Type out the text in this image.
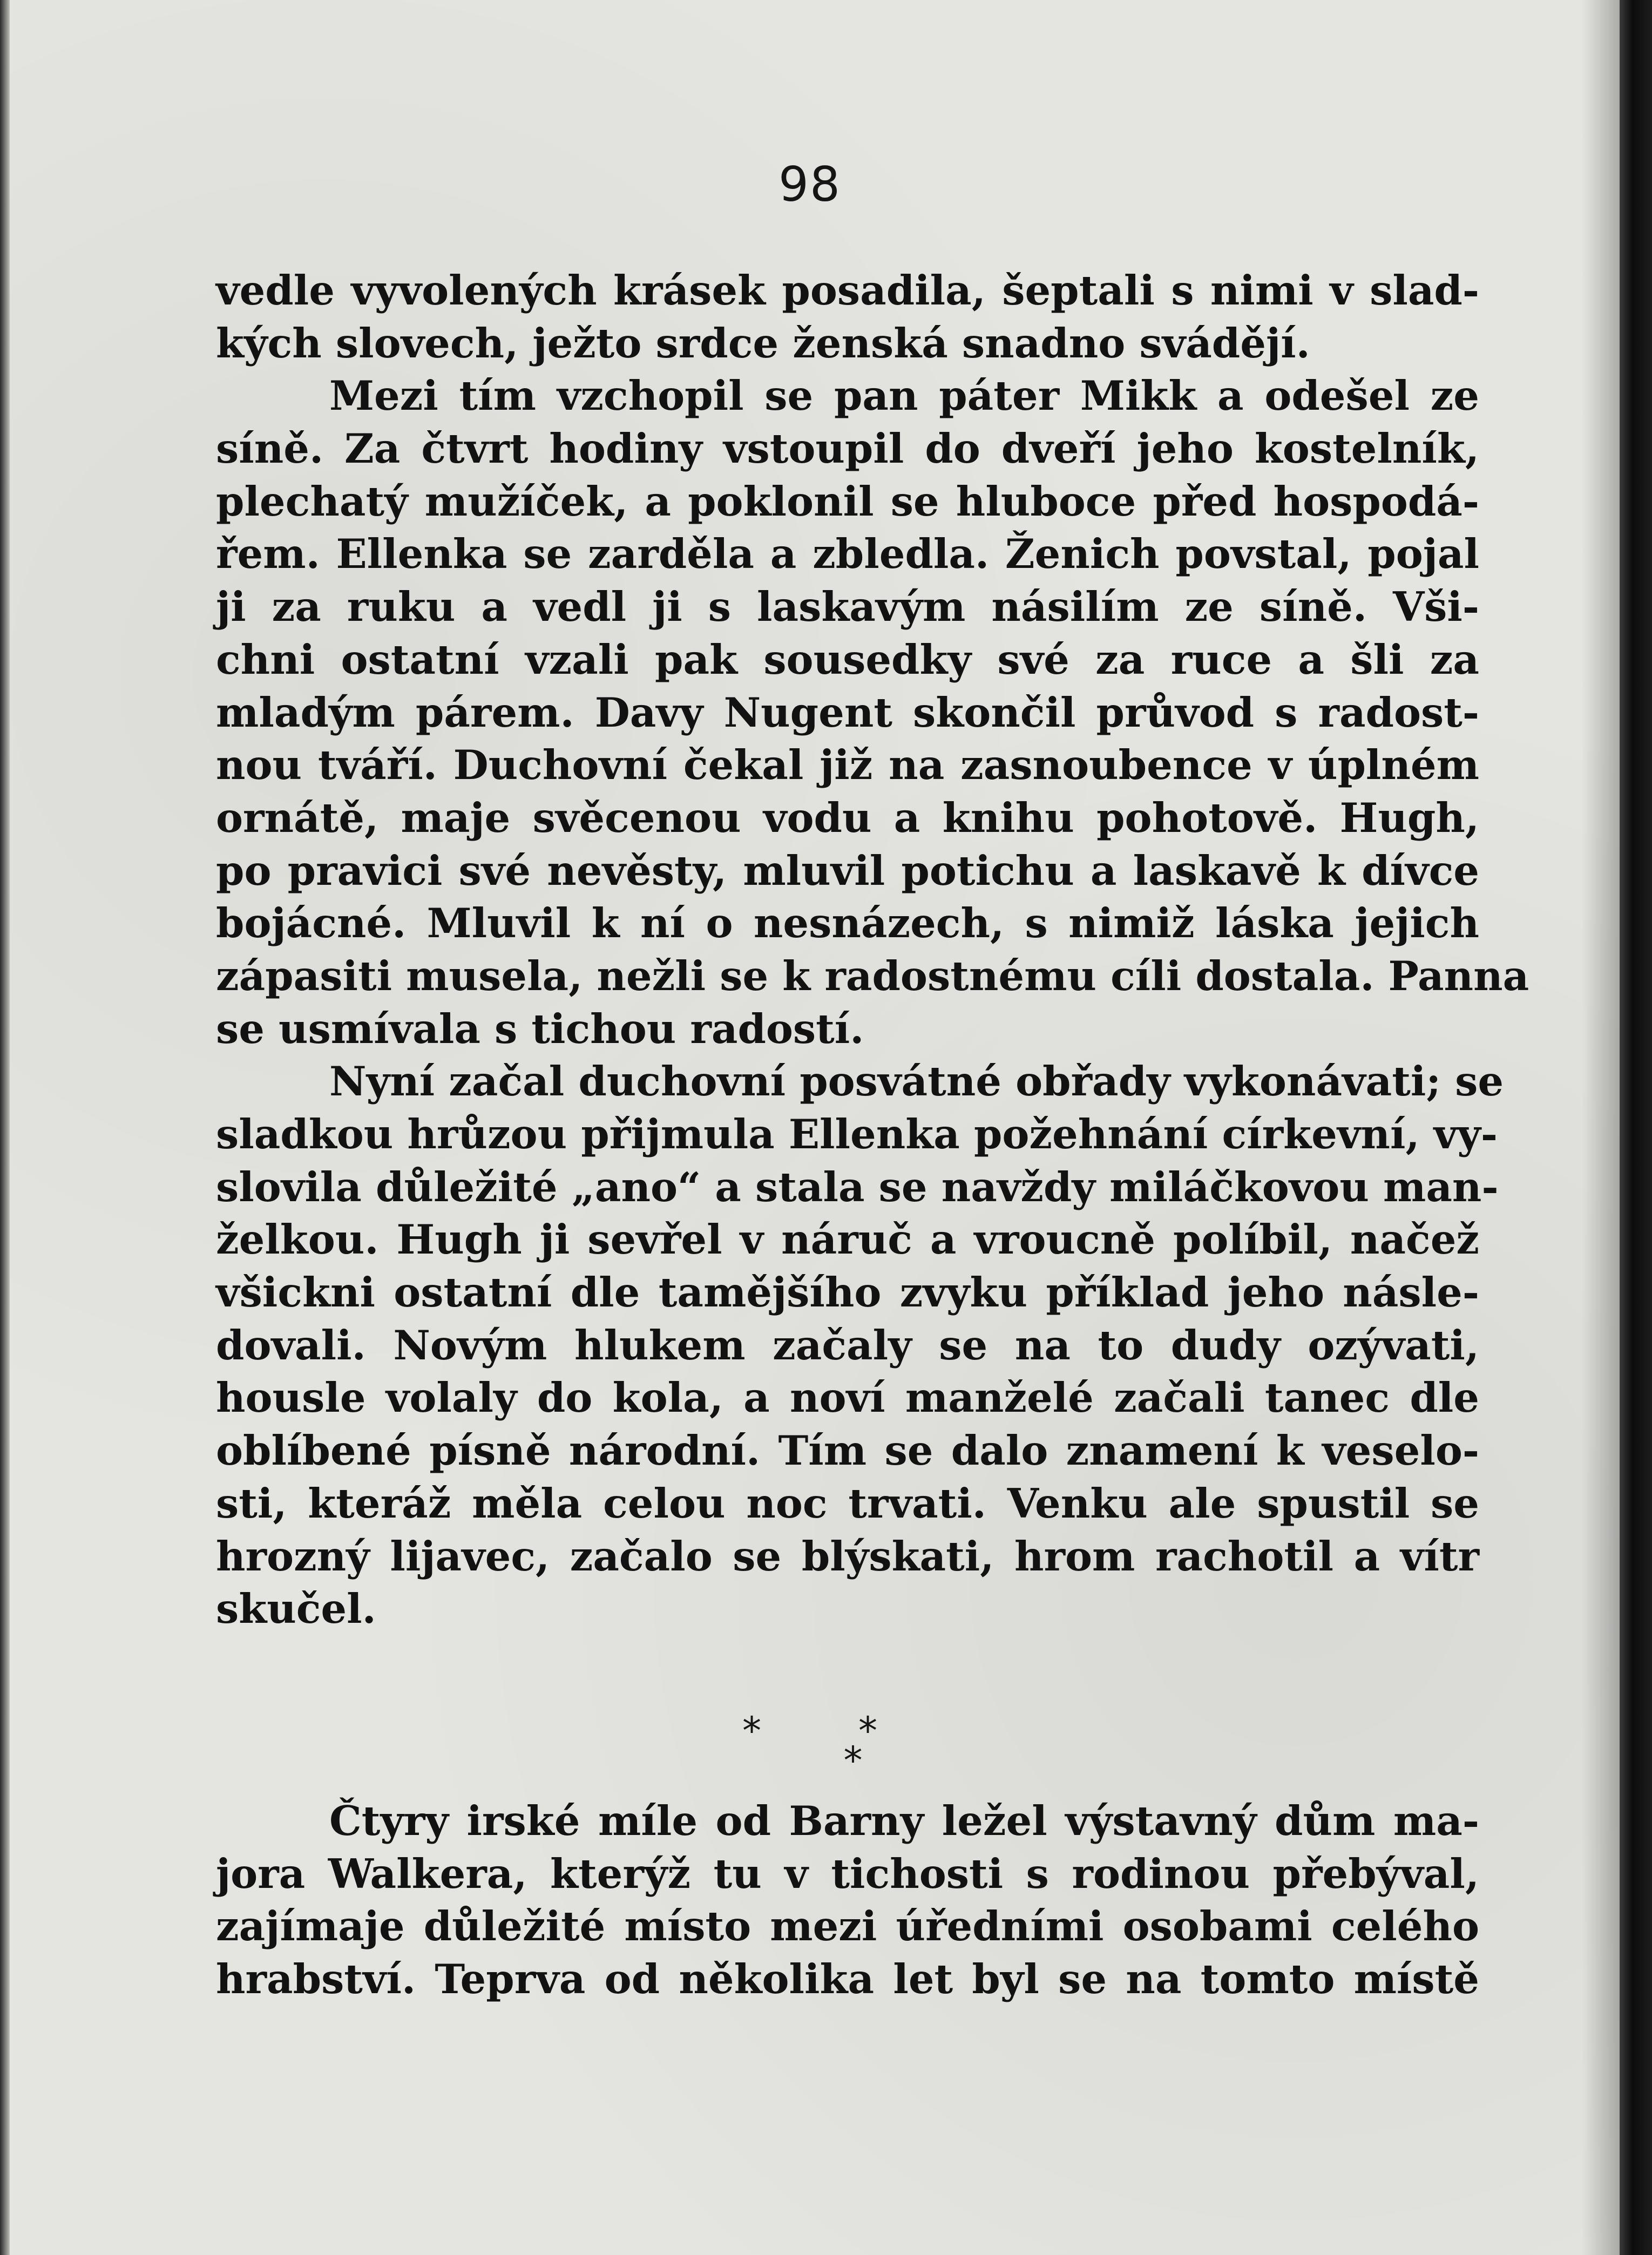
98
vedle vyvolených krásek posadila, šeptali s nimi v slad-
kých slovech, ježto srdce ženská snadno svádějí.
Mezi tím vzchopil se pan páter Mikk a odešel ze
síně. Za čtvrt hodiny vstoupil do dveří jeho kostelník,
plechatý mužíček, a poklonil se hluboce před hospodá-
řem. Ellenka se zarděla a zbledla. Ženich povstal, pojal
ji za ruku a vedl ji s laskavým násilím ze síně. Vši-
chni ostatní vzali pak sousedky své za ruce a šli za
mladým párem. Davy Nugent skončil průvod s radost-
nou tváří. Duchovní čekal již na zasnoubence v úplném
ornátě, maje svěcenou vodu a knihu pohotově. Hugh,
po pravici své nevěsty, mluvil potichu a laskavě k dívce
bojácné. Mluvil k ní o nesnázech, s nimiž láska jejich
zápasiti musela, nežli se k radostnému cíli dostala. Panna
se usmívala s tichou radostí.
Nyní začal duchovní posvátné obřady vykonávati; se
sladkou hrůzou přijmula Ellenka požehnání církevní, vy-
slovila důležité „ano“ a stala se navždy miláčkovou man-
želkou. Hugh ji sevřel v náruč a vroucně políbil, načež
všickni ostatní dle tamějšího zvyku příklad jeho násle-
dovali. Novým hlukem začaly se na to dudy ozývati,
housle volaly do kola, a noví manželé začali tanec dle
oblíbené písně národní. Tím se dalo znamení k veselo-
sti, kteráž měla celou noc trvati. Venku ale spustil se
hrozný lijavec, začalo se blýskati, hrom rachotil a vítr
skučel.
*	*
*
Čtyry irské míle od Barny ležel výstavný dům ma-
jora Walkera, kterýž tu v tichosti s rodinou přebýval,
zajímaje důležité místo mezi úředními osobami celého
hrabství. Teprva od několika let byl se na tomto místě
